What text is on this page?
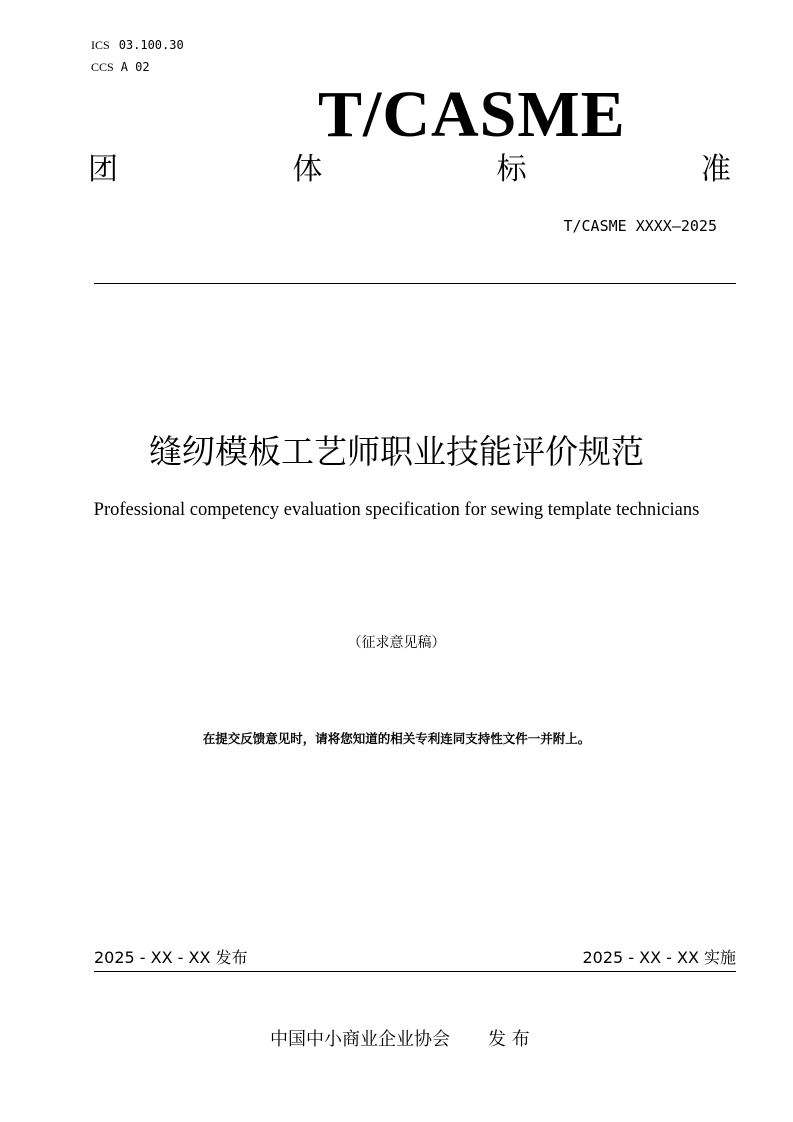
ICS 03.100.30
CCS A 02
T/CASME
团	体	标	准
T/CASME XXXX—2025
缝纫模板工艺师职业技能评价规范
Professional competency evaluation specification for sewing template technicians
（征求意见稿）
在提交反馈意见时，请将您知道的相关专利连同支持性文件一并附上。
2025 - XX - XX 发布	2025 - XX - XX 实施
中国中小商业企业协会 发 布
